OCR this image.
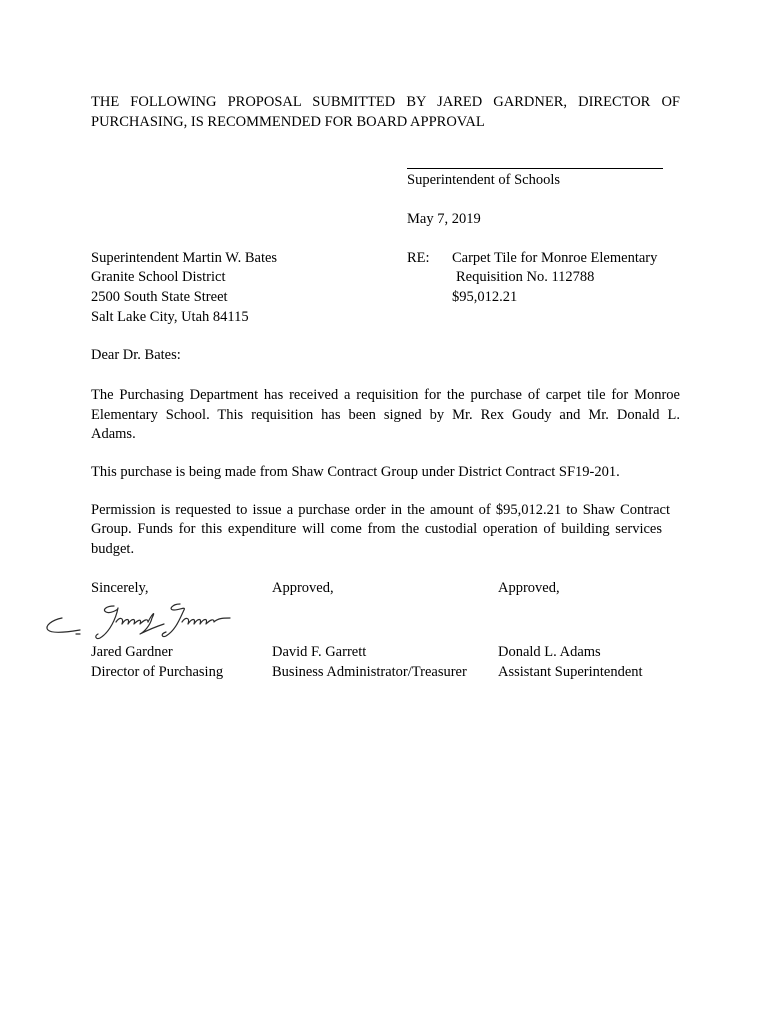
THE FOLLOWING PROPOSAL SUBMITTED BY JARED GARDNER, DIRECTOR OF
PURCHASING, IS RECOMMENDED FOR BOARD APPROVAL
Superintendent of Schools
May 7, 2019
Superintendent Martin W. Bates
Granite School District
2500 South State Street
Salt Lake City, Utah 84115
RE: Carpet Tile for Monroe Elementary
Requisition No. 112788
$95,012.21
Dear Dr. Bates:
The Purchasing Department has received a requisition for the purchase of carpet tile for Monroe
Elementary School. This requisition has been signed by Mr. Rex Goudy and Mr. Donald L.
Adams.
This purchase is being made from Shaw Contract Group under District Contract SF19-201.
Permission is requested to issue a purchase order in the amount of $95,012.21 to Shaw Contract
Group. Funds for this expenditure will come from the custodial operation of building services
budget.
Sincerely,	Approved,	Approved,
Jared Gardner
Director of Purchasing
David F. Garrett
Business Administrator/Treasurer
Donald L. Adams
Assistant Superintendent
